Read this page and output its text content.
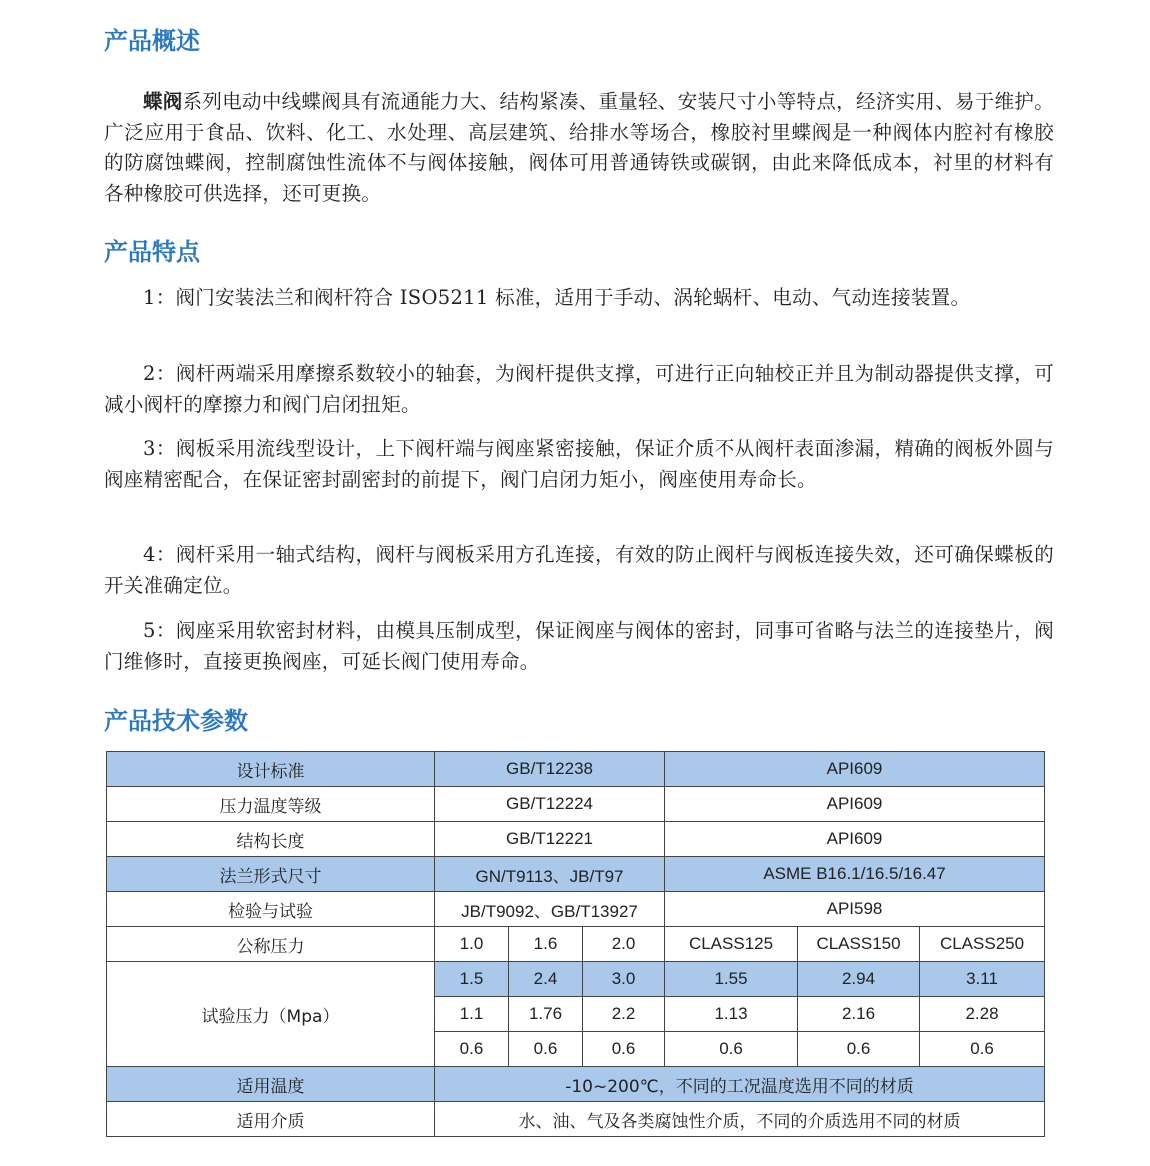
产品概述

蝶阀系列电动中线蝶阀具有流通能力大、结构紧凑、重量轻、安装尺寸小等特点，经济实用、易于维护。广泛应用于食品、饮料、化工、水处理、高层建筑、给排水等场合，橡胶衬里蝶阀是一种阀体内腔衬有橡胶的防腐蚀蝶阀，控制腐蚀性流体不与阀体接触，阀体可用普通铸铁或碳钢，由此来降低成本，衬里的材料有各种橡胶可供选择，还可更换。

产品特点

1：阀门安装法兰和阀杆符合 ISO5211 标准，适用于手动、涡轮蜗杆、电动、气动连接装置。

2：阀杆两端采用摩擦系数较小的轴套，为阀杆提供支撑，可进行正向轴校正并且为制动器提供支撑，可减小阀杆的摩擦力和阀门启闭扭矩。

3：阀板采用流线型设计，上下阀杆端与阀座紧密接触，保证介质不从阀杆表面渗漏，精确的阀板外圆与阀座精密配合，在保证密封副密封的前提下，阀门启闭力矩小，阀座使用寿命长。

4：阀杆采用一轴式结构，阀杆与阀板采用方孔连接，有效的防止阀杆与阀板连接失效，还可确保蝶板的开关准确定位。

5：阀座采用软密封材料，由模具压制成型，保证阀座与阀体的密封，同事可省略与法兰的连接垫片，阀门维修时，直接更换阀座，可延长阀门使用寿命。

产品技术参数
设计标准	GB/T12238			API609		
压力温度等级	GB/T12224			API609		
结构长度	GB/T12221			API609		
法兰形式尺寸	GN/T9113、JB/T97			ASME B16.1/16.5/16.47		
检验与试验	JB/T9092、GB/T13927			API598		
公称压力	1.0	1.6	2.0	CLASS125	CLASS150	CLASS250
试验压力（Mpa）	1.5	2.4	3.0	1.55	2.94	3.11
	1.1	1.76	2.2	1.13	2.16	2.28
	0.6	0.6	0.6	0.6	0.6	0.6
适用温度	-10~200℃，不同的工况温度选用不同的材质					
适用介质	水、油、气及各类腐蚀性介质，不同的介质选用不同的材质					
